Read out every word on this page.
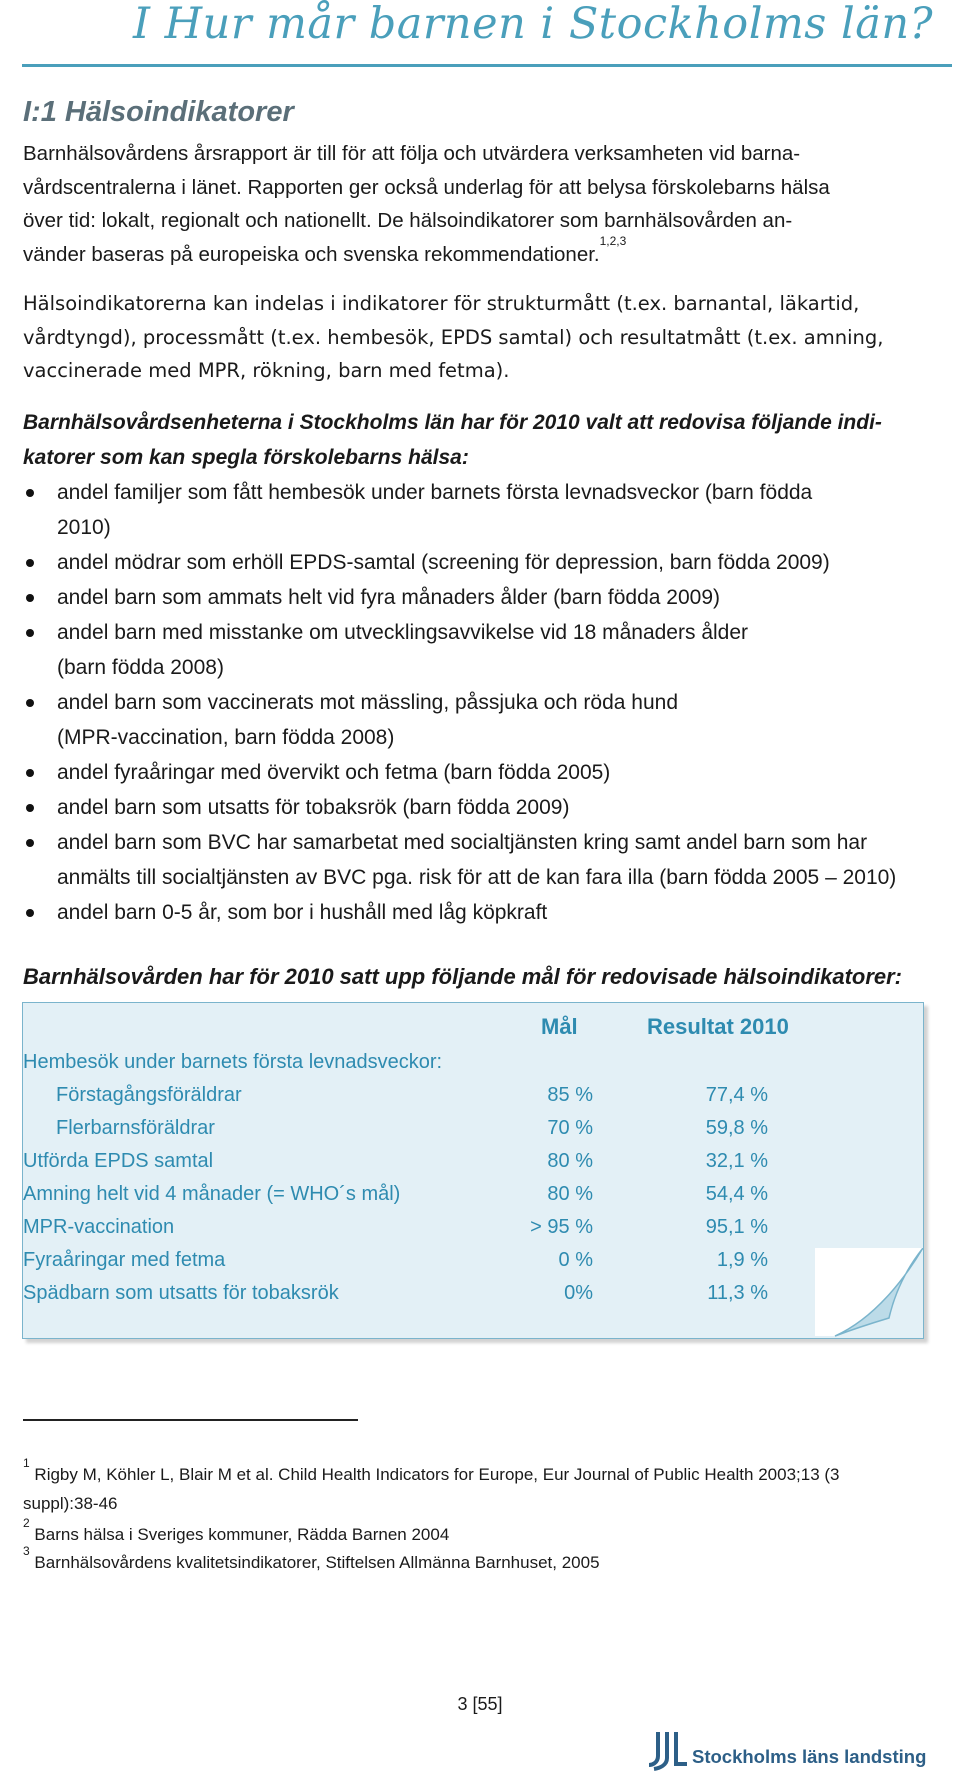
I Hur mår barnen i Stockholms län?
I:1 Hälsoindikatorer
Barnhälsovårdens årsrapport är till för att följa och utvärdera verksamheten vid barna-
vårdscentralerna i länet. Rapporten ger också underlag för att belysa förskolebarns hälsa
över tid: lokalt, regionalt och nationellt. De hälsoindikatorer som barnhälsovården an-
vänder baseras på europeiska och svenska rekommendationer.$^{1,2,3}$
Hälsoindikatorerna kan indelas i indikatorer för strukturmått (t.ex. barnantal, läkartid,
vårdtyngd), processmått (t.ex. hembesök, EPDS samtal) och resultatmått (t.ex. amning,
vaccinerade med MPR, rökning, barn med fetma).
Barnhälsovårdsenheterna i Stockholms län har för 2010 valt att redovisa följande indi-
katorer som kan spegla förskolebarns hälsa:
andel familjer som fått hembesök under barnets första levnadsveckor (barn födda
2010)
andel mödrar som erhöll EPDS-samtal (screening för depression, barn födda 2009)
andel barn som ammats helt vid fyra månaders ålder (barn födda 2009)
andel barn med misstanke om utvecklingsavvikelse vid 18 månaders ålder
(barn födda 2008)
andel barn som vaccinerats mot mässling, påssjuka och röda hund
(MPR-vaccination, barn födda 2008)
andel fyraåringar med övervikt och fetma (barn födda 2005)
andel barn som utsatts för tobaksrök (barn födda 2009)
andel barn som BVC har samarbetat med socialtjänsten kring samt andel barn som har
anmälts till socialtjänsten av BVC pga. risk för att de kan fara illa (barn födda 2005 – 2010)
andel barn 0-5 år, som bor i hushåll med låg köpkraft
Barnhälsovården har för 2010 satt upp följande mål för redovisade hälsoindikatorer:
Mål	Resultat 2010
Hembesök under barnets första levnadsveckor:
Förstagångsföräldrar	85 %	77,4 %
Flerbarnsföräldrar	70 %	59,8 %
Utförda EPDS samtal	80 %	32,1 %
Amning helt vid 4 månader (= WHO´s mål)	80 %	54,4 %
MPR-vaccination	> 95 %	95,1 %
Fyraåringar med fetma	0 %	1,9 %
Spädbarn som utsatts för tobaksrök	0%	11,3 %
$^1$ Rigby M, Köhler L, Blair M et al. Child Health Indicators for Europe, Eur Journal of Public Health 2003;13 (3
suppl):38-46
$^2$ Barns hälsa i Sveriges kommuner, Rädda Barnen 2004
$^3$ Barnhälsovårdens kvalitetsindikatorer, Stiftelsen Allmänna Barnhuset, 2005
3 [55]
Stockholms läns landsting
